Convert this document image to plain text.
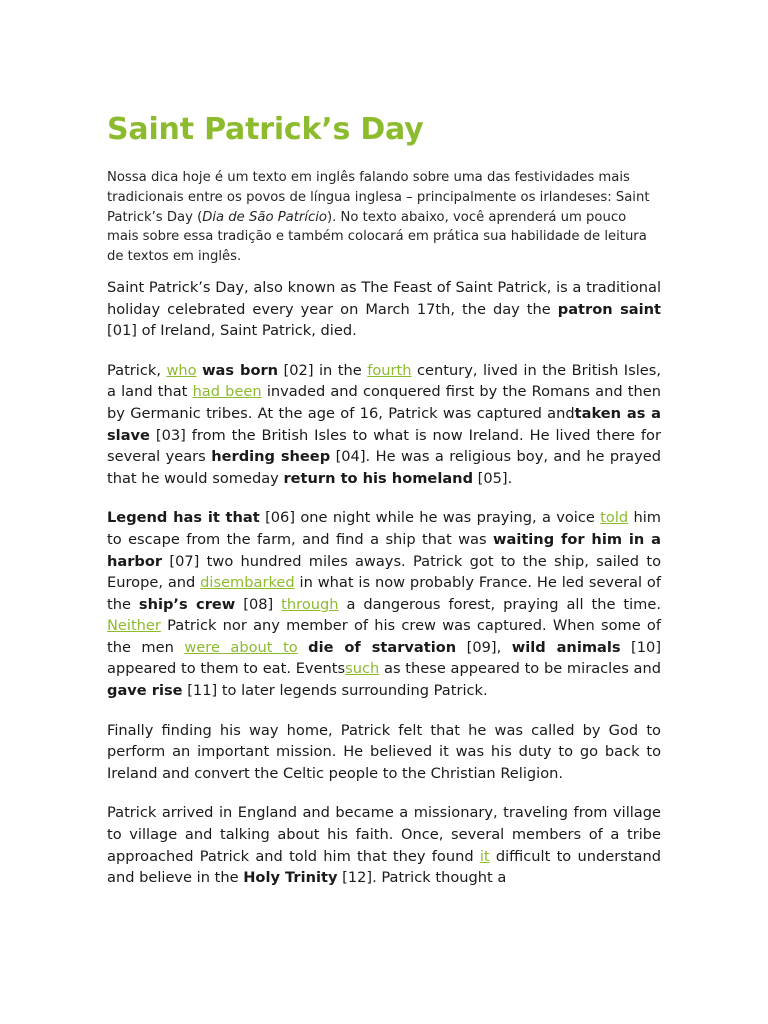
Saint Patrick’s Day

Nossa dica hoje é um texto em inglês falando sobre uma das festividades mais tradicionais entre os povos de língua inglesa – principalmente os irlandeses: Saint Patrick’s Day (Dia de São Patrício). No texto abaixo, você aprenderá um pouco mais sobre essa tradição e também colocará em prática sua habilidade de leitura de textos em inglês.

Saint Patrick’s Day, also known as The Feast of Saint Patrick, is a traditional holiday celebrated every year on March 17th, the day the patron saint [01] of Ireland, Saint Patrick, died.

Patrick, who was born [02] in the fourth century, lived in the British Isles, a land that had been invaded and conquered first by the Romans and then by Germanic tribes. At the age of 16, Patrick was captured andtaken as a slave [03] from the British Isles to what is now Ireland. He lived there for several years herding sheep [04]. He was a religious boy, and he prayed that he would someday return to his homeland [05].

Legend has it that [06] one night while he was praying, a voice told him to escape from the farm, and find a ship that was waiting for him in a harbor [07] two hundred miles aways. Patrick got to the ship, sailed to Europe, and disembarked in what is now probably France. He led several of the ship’s crew [08] through a dangerous forest, praying all the time. Neither Patrick nor any member of his crew was captured. When some of the men were about to die of starvation [09], wild animals [10] appeared to them to eat. Eventssuch as these appeared to be miracles and gave rise [11] to later legends surrounding Patrick.

Finally finding his way home, Patrick felt that he was called by God to perform an important mission. He believed it was his duty to go back to Ireland and convert the Celtic people to the Christian Religion.

Patrick arrived in England and became a missionary, traveling from village to village and talking about his faith. Once, several members of a tribe approached Patrick and told him that they found it difficult to understand and believe in the Holy Trinity [12]. Patrick thought a
